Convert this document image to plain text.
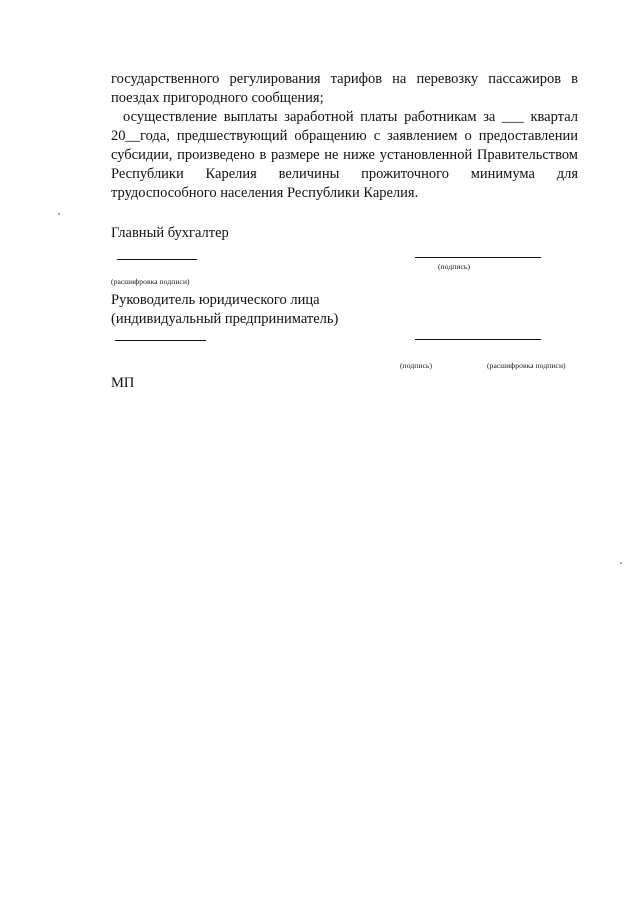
государственного регулирования тарифов на перевозку пассажиров в поездах пригородного сообщения;
осуществление выплаты заработной платы работникам за ___ квартал 20__года, предшествующий обращению с заявлением о предоставлении субсидии, произведено в размере не ниже установленной Правительством Республики Карелия величины прожиточного минимума для трудоспособного населения Республики Карелия.
Главный бухгалтер
(подпись)
(расшифровка подписи)
Руководитель юридического лица
(индивидуальный предприниматель)
(подпись)	(расшифровка подписи)
МП
